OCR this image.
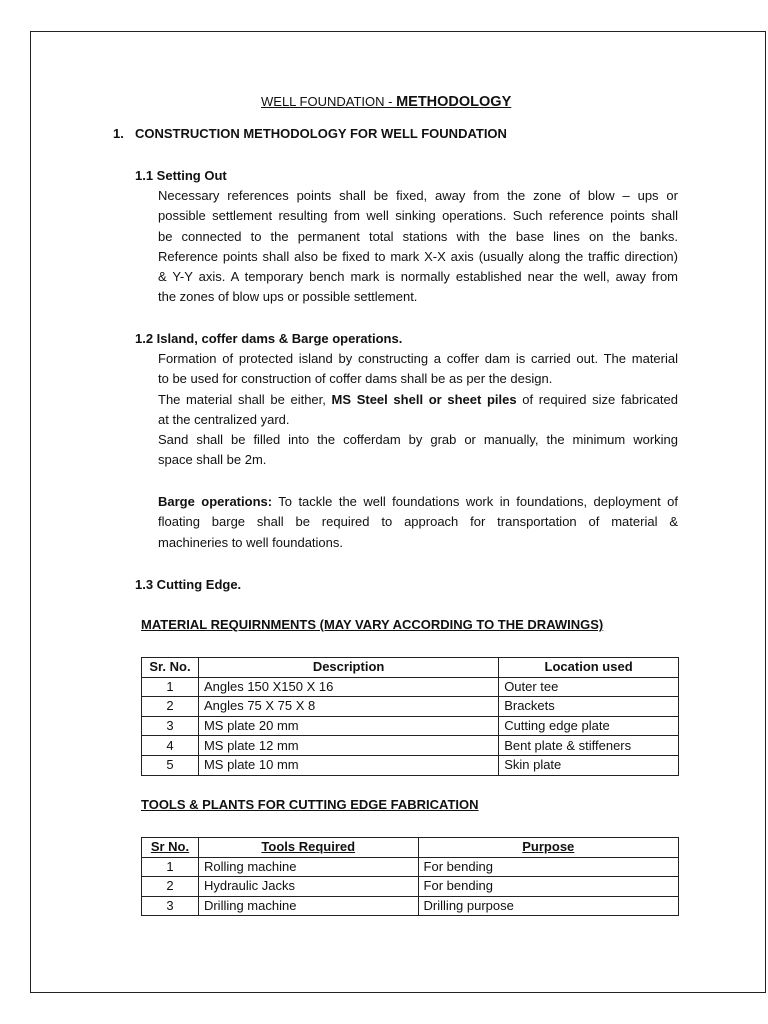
WELL FOUNDATION - METHODOLOGY
1. CONSTRUCTION METHODOLOGY FOR WELL FOUNDATION
1.1 Setting Out
Necessary references points shall be fixed, away from the zone of blow – ups or
possible settlement resulting from well sinking operations. Such reference points shall
be connected to the permanent total stations with the base lines on the banks.
Reference points shall also be fixed to mark X-X axis (usually along the traffic direction)
& Y-Y axis. A temporary bench mark is normally established near the well, away from
the zones of blow ups or possible settlement.
1.2 Island, coffer dams & Barge operations.
Formation of protected island by constructing a coffer dam is carried out. The material
to be used for construction of coffer dams shall be as per the design.
The material shall be either, MS Steel shell or sheet piles of required size fabricated
at the centralized yard.
Sand shall be filled into the cofferdam by grab or manually, the minimum working
space shall be 2m.
Barge operations: To tackle the well foundations work in foundations, deployment of
floating barge shall be required to approach for transportation of material &
machineries to well foundations.
1.3 Cutting Edge.
MATERIAL REQUIRNMENTS (MAY VARY ACCORDING TO THE DRAWINGS)
Sr. No.	Description	Location used
1	Angles 150 X150 X 16	Outer tee
2	Angles 75 X 75 X 8	Brackets
3	MS plate 20 mm	Cutting edge plate
4	MS plate 12 mm	Bent plate & stiffeners
5	MS plate 10 mm	Skin plate
TOOLS & PLANTS FOR CUTTING EDGE FABRICATION
Sr No.	Tools Required	Purpose
1	Rolling machine	For bending
2	Hydraulic Jacks	For bending
3	Drilling machine	Drilling purpose
